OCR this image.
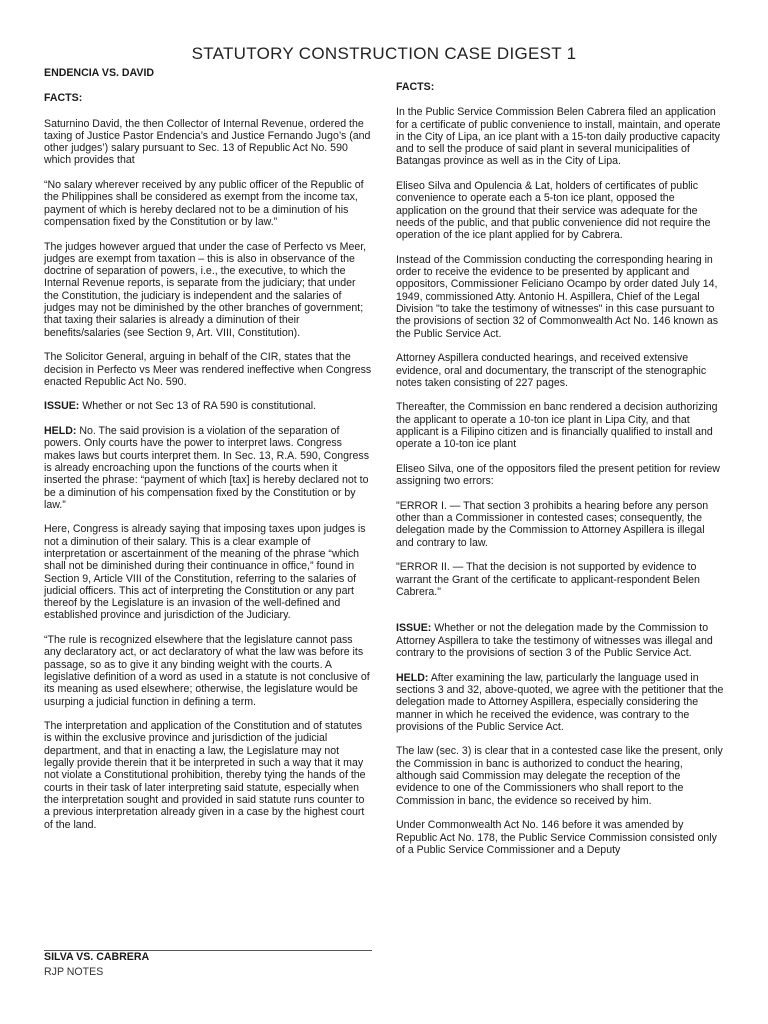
STATUTORY CONSTRUCTION CASE DIGEST 1
ENDENCIA VS. DAVID
FACTS:

Saturnino David, the then Collector of Internal Revenue, ordered the taxing of Justice Pastor Endencia’s and Justice Fernando Jugo’s (and other judges’) salary pursuant to Sec. 13 of Republic Act No. 590 which provides that

“No salary wherever received by any public officer of the Republic of the Philippines shall be considered as exempt from the income tax, payment of which is hereby declared not to be a diminution of his compensation fixed by the Constitution or by law.”

The judges however argued that under the case of Perfecto vs Meer, judges are exempt from taxation – this is also in observance of the doctrine of separation of powers, i.e., the executive, to which the Internal Revenue reports, is separate from the judiciary; that under the Constitution, the judiciary is independent and the salaries of judges may not be diminished by the other branches of government; that taxing their salaries is already a diminution of their benefits/salaries (see Section 9, Art. VIII, Constitution).

The Solicitor General, arguing in behalf of the CIR, states that the decision in Perfecto vs Meer was rendered ineffective when Congress enacted Republic Act No. 590.

ISSUE: Whether or not Sec 13 of RA 590 is constitutional.

HELD: No. The said provision is a violation of the separation of powers. Only courts have the power to interpret laws. Congress makes laws but courts interpret them. In Sec. 13, R.A. 590, Congress is already encroaching upon the functions of the courts when it inserted the phrase: “payment of which [tax] is hereby declared not to be a diminution of his compensation fixed by the Constitution or by law.”

Here, Congress is already saying that imposing taxes upon judges is not a diminution of their salary. This is a clear example of interpretation or ascertainment of the meaning of the phrase “which shall not be diminished during their continuance in office,” found in Section 9, Article VIII of the Constitution, referring to the salaries of judicial officers. This act of interpreting the Constitution or any part thereof by the Legislature is an invasion of the well-defined and established province and jurisdiction of the Judiciary.

“The rule is recognized elsewhere that the legislature cannot pass any declaratory act, or act declaratory of what the law was before its passage, so as to give it any binding weight with the courts. A legislative definition of a word as used in a statute is not conclusive of its meaning as used elsewhere; otherwise, the legislature would be usurping a judicial function in defining a term.

The interpretation and application of the Constitution and of statutes is within the exclusive province and jurisdiction of the judicial department, and that in enacting a law, the Legislature may not legally provide therein that it be interpreted in such a way that it may not violate a Constitutional prohibition, thereby tying the hands of the courts in their task of later interpreting said statute, especially when the interpretation sought and provided in said statute runs counter to a previous interpretation already given in a case by the highest court of the land.

SILVA VS. CABRERA
RJP NOTES
FACTS:

In the Public Service Commission Belen Cabrera filed an application for a certificate of public convenience to install, maintain, and operate in the City of Lipa, an ice plant with a 15-ton daily productive capacity and to sell the produce of said plant in several municipalities of Batangas province as well as in the City of Lipa.

Eliseo Silva and Opulencia & Lat, holders of certificates of public convenience to operate each a 5-ton ice plant, opposed the application on the ground that their service was adequate for the needs of the public, and that public convenience did not require the operation of the ice plant applied for by Cabrera.

Instead of the Commission conducting the corresponding hearing in order to receive the evidence to be presented by applicant and oppositors, Commissioner Feliciano Ocampo by order dated July 14, 1949, commissioned Atty. Antonio H. Aspillera, Chief of the Legal Division "to take the testimony of witnesses" in this case pursuant to the provisions of section 32 of Commonwealth Act No. 146 known as the Public Service Act.

Attorney Aspillera conducted hearings, and received extensive evidence, oral and documentary, the transcript of the stenographic notes taken consisting of 227 pages.

Thereafter, the Commission en banc rendered a decision authorizing the applicant to operate a 10-ton ice plant in Lipa City, and that applicant is a Filipino citizen and is financially qualified to install and operate a 10-ton ice plant

Eliseo Silva, one of the oppositors filed the present petition for review assigning two errors:

"ERROR I. — That section 3 prohibits a hearing before any person other than a Commissioner in contested cases; consequently, the delegation made by the Commission to Attorney Aspillera is illegal and contrary to law.

"ERROR II. — That the decision is not supported by evidence to warrant the Grant of the certificate to applicant-respondent Belen Cabrera."

ISSUE: Whether or not the delegation made by the Commission to Attorney Aspillera to take the testimony of witnesses was illegal and contrary to the provisions of section 3 of the Public Service Act.

HELD: After examining the law, particularly the language used in sections 3 and 32, above-quoted, we agree with the petitioner that the delegation made to Attorney Aspillera, especially considering the manner in which he received the evidence, was contrary to the provisions of the Public Service Act.

The law (sec. 3) is clear that in a contested case like the present, only the Commission in banc is authorized to conduct the hearing, although said Commission may delegate the reception of the evidence to one of the Commissioners who shall report to the Commission in banc, the evidence so received by him.

Under Commonwealth Act No. 146 before it was amended by Republic Act No. 178, the Public Service Commission consisted only of a Public Service Commissioner and a Deputy
